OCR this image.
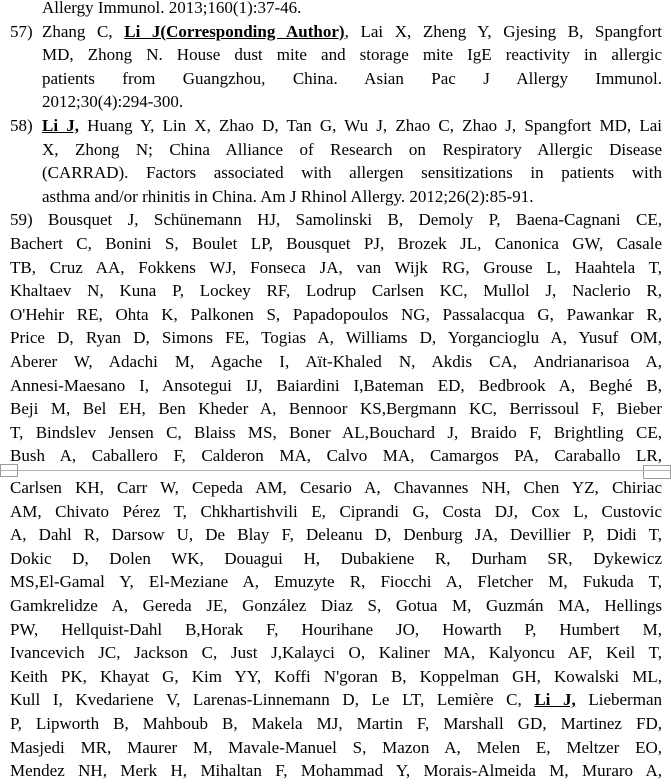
Allergy Immunol. 2013;160(1):37-46.
57) Zhang C, Li J(Corresponding Author), Lai X, Zheng Y, Gjesing B, Spangfort
MD, Zhong N. House dust mite and storage mite IgE reactivity in allergic
patients from Guangzhou, China. Asian Pac J Allergy Immunol.
2012;30(4):294-300.
58) Li J, Huang Y, Lin X, Zhao D, Tan G, Wu J, Zhao C, Zhao J, Spangfort MD, Lai
X, Zhong N; China Alliance of Research on Respiratory Allergic Disease
(CARRAD). Factors associated with allergen sensitizations in patients with
asthma and/or rhinitis in China. Am J Rhinol Allergy. 2012;26(2):85-91.
59) Bousquet J, Schünemann HJ, Samolinski B, Demoly P, Baena-Cagnani CE,
Bachert C, Bonini S, Boulet LP, Bousquet PJ, Brozek JL, Canonica GW, Casale
TB, Cruz AA, Fokkens WJ, Fonseca JA, van Wijk RG, Grouse L, Haahtela T,
Khaltaev N, Kuna P, Lockey RF, Lodrup Carlsen KC, Mullol J, Naclerio R,
O'Hehir RE, Ohta K, Palkonen S, Papadopoulos NG, Passalacqua G, Pawankar R,
Price D, Ryan D, Simons FE, Togias A, Williams D, Yorgancioglu A, Yusuf OM,
Aberer W, Adachi M, Agache I, Aït-Khaled N, Akdis CA, Andrianarisoa A,
Annesi-Maesano I, Ansotegui IJ, Baiardini I,Bateman ED, Bedbrook A, Beghé B,
Beji M, Bel EH, Ben Kheder A, Bennoor KS,Bergmann KC, Berrissoul F, Bieber
T, Bindslev Jensen C, Blaiss MS, Boner AL,Bouchard J, Braido F, Brightling CE,
Bush A, Caballero F, Calderon MA, Calvo MA, Camargos PA, Caraballo LR,
Carlsen KH, Carr W, Cepeda AM, Cesario A, Chavannes NH, Chen YZ, Chiriac
AM, Chivato Pérez T, Chkhartishvili E, Ciprandi G, Costa DJ, Cox L, Custovic
A, Dahl R, Darsow U, De Blay F, Deleanu D, Denburg JA, Devillier P, Didi T,
Dokic D, Dolen WK, Douagui H, Dubakiene R, Durham SR, Dykewicz
MS,El-Gamal Y, El-Meziane A, Emuzyte R, Fiocchi A, Fletcher M, Fukuda T,
Gamkrelidze A, Gereda JE, González Diaz S, Gotua M, Guzmán MA, Hellings
PW, Hellquist-Dahl B,Horak F, Hourihane JO, Howarth P, Humbert M,
Ivancevich JC, Jackson C, Just J,Kalayci O, Kaliner MA, Kalyoncu AF, Keil T,
Keith PK, Khayat G, Kim YY, Koffi N'goran B, Koppelman GH, Kowalski ML,
Kull I, Kvedariene V, Larenas-Linnemann D, Le LT, Lemière C, Li J, Lieberman
P, Lipworth B, Mahboub B, Makela MJ, Martin F, Marshall GD, Martinez FD,
Masjedi MR, Maurer M, Mavale-Manuel S, Mazon A, Melen E, Meltzer EO,
Mendez NH, Merk H, Mihaltan F, Mohammad Y, Morais-Almeida M, Muraro A,
